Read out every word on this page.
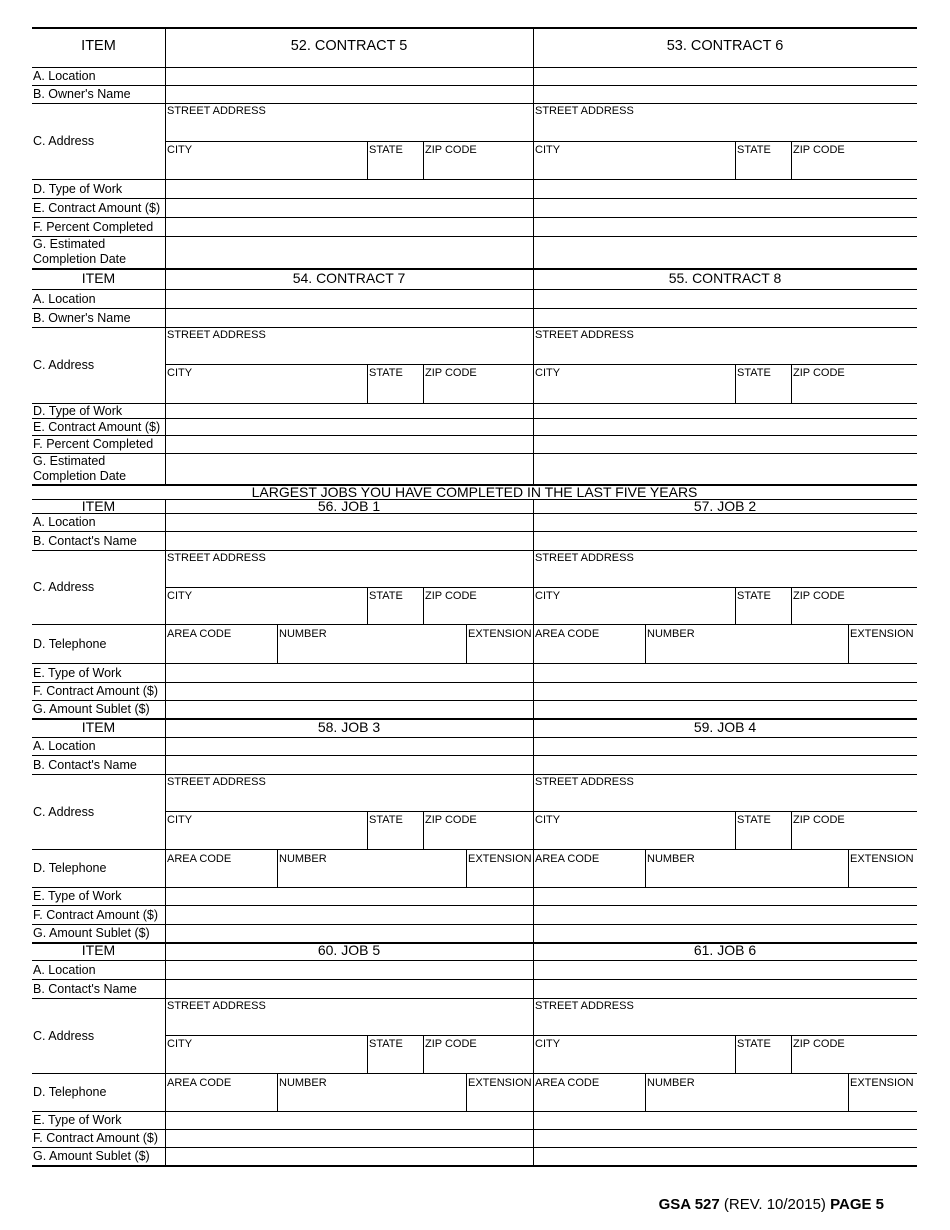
ITEM	52. CONTRACT 5	53. CONTRACT 6
A. Location
B. Owner's Name
C. Address
STREET ADDRESS
CITY	STATE ZIP CODE
STREET ADDRESS
CITY	STATE ZIP CODE
D. Type of Work
E. Contract Amount ($)
F. Percent Completed
G. Estimated
Completion Date
ITEM	54. CONTRACT 7	55. CONTRACT 8
A. Location
B. Owner's Name
C. Address
STREET ADDRESS
CITY	STATE ZIP CODE
STREET ADDRESS
CITY	STATE ZIP CODE
D. Type of Work
E. Contract Amount ($)
F. Percent Completed
G. Estimated
Completion Date
LARGEST JOBS YOU HAVE COMPLETED IN THE LAST FIVE YEARS
ITEM	56. JOB 1	57. JOB 2
A. Location
B. Contact's Name
C. Address
STREET ADDRESS
CITY	STATE ZIP CODE
STREET ADDRESS
CITY	STATE ZIP CODE
D. Telephone
AREA CODE	NUMBER	EXTENSION AREA CODE	NUMBER	EXTENSION
E. Type of Work
F. Contract Amount ($)
G. Amount Sublet ($)
ITEM	58. JOB 3	59. JOB 4
A. Location
B. Contact's Name
C. Address
STREET ADDRESS
CITY	STATE ZIP CODE
STREET ADDRESS
CITY	STATE ZIP CODE
D. Telephone
AREA CODE	NUMBER	EXTENSION AREA CODE	NUMBER	EXTENSION
E. Type of Work
F. Contract Amount ($)
G. Amount Sublet ($)
ITEM	60. JOB 5	61. JOB 6
A. Location
B. Contact's Name
C. Address
STREET ADDRESS
CITY	STATE ZIP CODE
STREET ADDRESS
CITY	STATE ZIP CODE
D. Telephone
AREA CODE	NUMBER	EXTENSION AREA CODE	NUMBER	EXTENSION
E. Type of Work
F. Contract Amount ($)
G. Amount Sublet ($)
GSA 527 (REV. 10/2015) PAGE 5
